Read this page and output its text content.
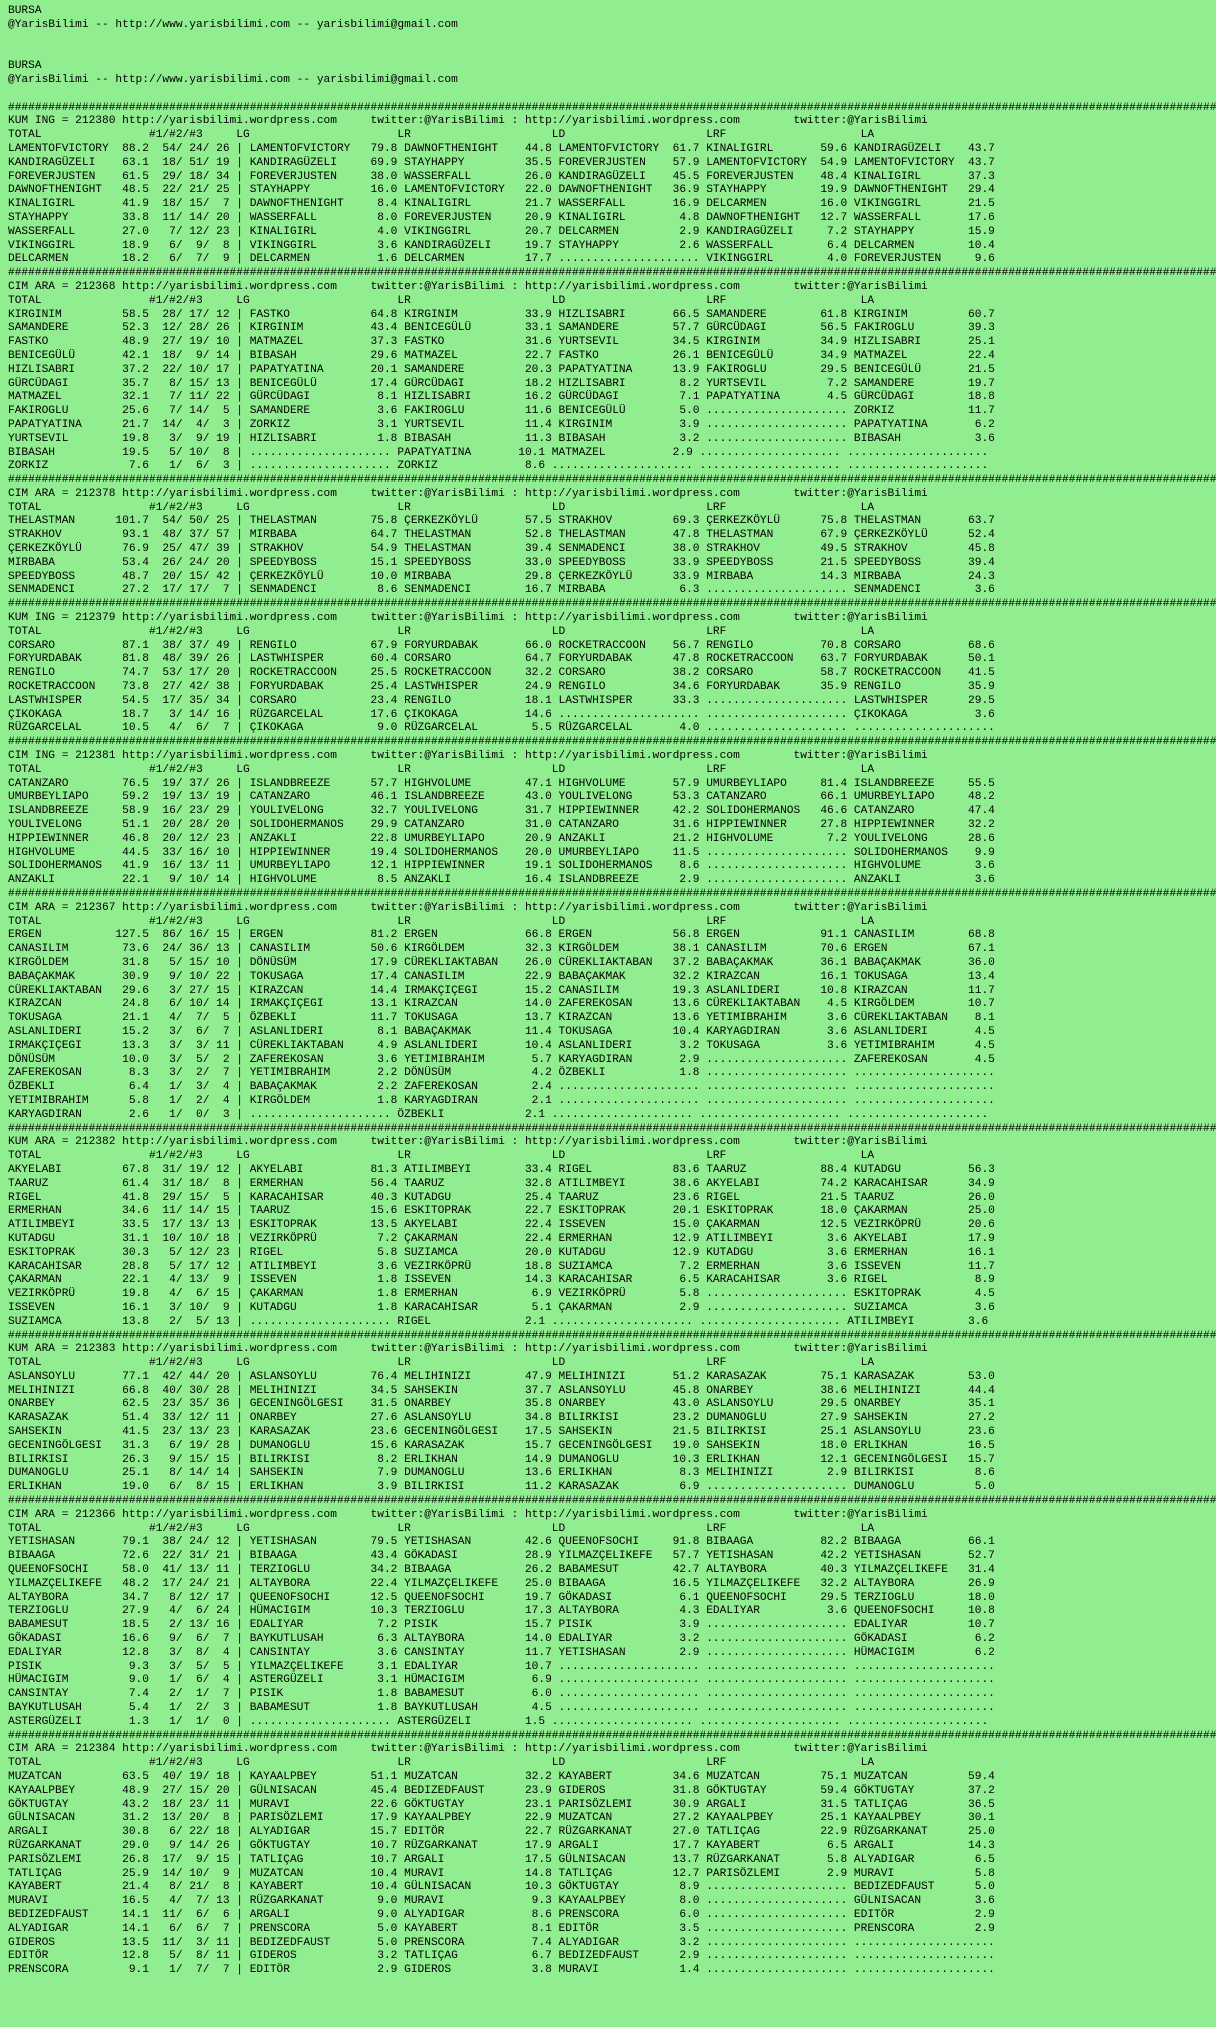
BURSA
@YarisBilimi -- http://www.yarisbilimi.com -- yarisbilimi@gmail.com
BURSA
@YarisBilimi -- http://www.yarisbilimi.com -- yarisbilimi@gmail.com
####################################################################################################################################################################################
KUM ING = 212380 http://yarisbilimi.wordpress.com     twitter:@YarisBilimi : http://yarisbilimi.wordpress.com        twitter:@YarisBilimi
TOTAL                #1/#2/#3     LG                      LR                     LD                     LRF                    LA
LAMENTOFVICTORY  88.2  54/ 24/ 26 | LAMENTOFVICTORY   79.8 DAWNOFTHENIGHT    44.8 LAMENTOFVICTORY  61.7 KINALIGIRL       59.6 KANDIRAGÜZELI    43.7
KANDIRAGÜZELI    63.1  18/ 51/ 19 | KANDIRAGÜZELI     69.9 STAYHAPPY         35.5 FOREVERJUSTEN    57.9 LAMENTOFVICTORY  54.9 LAMENTOFVICTORY  43.7
FOREVERJUSTEN    61.5  29/ 18/ 34 | FOREVERJUSTEN     38.0 WASSERFALL        26.0 KANDIRAGÜZELI    45.5 FOREVERJUSTEN    48.4 KINALIGIRL       37.3
DAWNOFTHENIGHT   48.5  22/ 21/ 25 | STAYHAPPY         16.0 LAMENTOFVICTORY   22.0 DAWNOFTHENIGHT   36.9 STAYHAPPY        19.9 DAWNOFTHENIGHT   29.4
KINALIGIRL       41.9  18/ 15/  7 | DAWNOFTHENIGHT     8.4 KINALIGIRL        21.7 WASSERFALL       16.9 DELCARMEN        16.0 VIKINGGIRL       21.5
STAYHAPPY        33.8  11/ 14/ 20 | WASSERFALL         8.0 FOREVERJUSTEN     20.9 KINALIGIRL        4.8 DAWNOFTHENIGHT   12.7 WASSERFALL       17.6
WASSERFALL       27.0   7/ 12/ 23 | KINALIGIRL         4.0 VIKINGGIRL        20.7 DELCARMEN         2.9 KANDIRAGÜZELI     7.2 STAYHAPPY        15.9
VIKINGGIRL       18.9   6/  9/  8 | VIKINGGIRL         3.6 KANDIRAGÜZELI     19.7 STAYHAPPY         2.6 WASSERFALL        6.4 DELCARMEN        10.4
DELCARMEN        18.2   6/  7/  9 | DELCARMEN          1.6 DELCARMEN         17.7 ..................... VIKINGGIRL        4.0 FOREVERJUSTEN     9.6
####################################################################################################################################################################################
CIM ARA = 212368 http://yarisbilimi.wordpress.com     twitter:@YarisBilimi : http://yarisbilimi.wordpress.com        twitter:@YarisBilimi
TOTAL                #1/#2/#3     LG                      LR                     LD                     LRF                    LA
KIRGINIM         58.5  28/ 17/ 12 | FASTKO            64.8 KIRGINIM          33.9 HIZLISABRI       66.5 SAMANDERE        61.8 KIRGINIM         60.7
SAMANDERE        52.3  12/ 28/ 26 | KIRGINIM          43.4 BENICEGÜLÜ        33.1 SAMANDERE        57.7 GÜRCÜDAGI        56.5 FAKIROGLU        39.3
FASTKO           48.9  27/ 19/ 10 | MATMAZEL          37.3 FASTKO            31.6 YURTSEVIL        34.5 KIRGINIM         34.9 HIZLISABRI       25.1
BENICEGÜLÜ       42.1  18/  9/ 14 | BIBASAH           29.6 MATMAZEL          22.7 FASTKO           26.1 BENICEGÜLÜ       34.9 MATMAZEL         22.4
HIZLISABRI       37.2  22/ 10/ 17 | PAPATYATINA       20.1 SAMANDERE         20.3 PAPATYATINA      13.9 FAKIROGLU        29.5 BENICEGÜLÜ       21.5
GÜRCÜDAGI        35.7   8/ 15/ 13 | BENICEGÜLÜ        17.4 GÜRCÜDAGI         18.2 HIZLISABRI        8.2 YURTSEVIL         7.2 SAMANDERE        19.7
MATMAZEL         32.1   7/ 11/ 22 | GÜRCÜDAGI          8.1 HIZLISABRI        16.2 GÜRCÜDAGI         7.1 PAPATYATINA       4.5 GÜRCÜDAGI        18.8
FAKIROGLU        25.6   7/ 14/  5 | SAMANDERE          3.6 FAKIROGLU         11.6 BENICEGÜLÜ        5.0 ..................... ZORKIZ           11.7
PAPATYATINA      21.7  14/  4/  3 | ZORKIZ             3.1 YURTSEVIL         11.4 KIRGINIM          3.9 ..................... PAPATYATINA       6.2
YURTSEVIL        19.8   3/  9/ 19 | HIZLISABRI         1.8 BIBASAH           11.3 BIBASAH           3.2 ..................... BIBASAH           3.6
BIBASAH          19.5   5/ 10/  8 | ..................... PAPATYATINA       10.1 MATMAZEL          2.9 ..................... .....................
ZORKIZ            7.6   1/  6/  3 | ..................... ZORKIZ             8.6 ..................... ..................... .....................
####################################################################################################################################################################################
CIM ARA = 212378 http://yarisbilimi.wordpress.com     twitter:@YarisBilimi : http://yarisbilimi.wordpress.com        twitter:@YarisBilimi
TOTAL                #1/#2/#3     LG                      LR                     LD                     LRF                    LA
THELASTMAN      101.7  54/ 50/ 25 | THELASTMAN        75.8 ÇERKEZKÖYLÜ       57.5 STRAKHOV         69.3 ÇERKEZKÖYLÜ      75.8 THELASTMAN       63.7
STRAKHOV         93.1  48/ 37/ 57 | MIRBABA           64.7 THELASTMAN        52.8 THELASTMAN       47.8 THELASTMAN       67.9 ÇERKEZKÖYLÜ      52.4
ÇERKEZKÖYLÜ      76.9  25/ 47/ 39 | STRAKHOV          54.9 THELASTMAN        39.4 SENMADENCI       38.0 STRAKHOV         49.5 STRAKHOV         45.8
MIRBABA          53.4  26/ 24/ 20 | SPEEDYBOSS        15.1 SPEEDYBOSS        33.0 SPEEDYBOSS       33.9 SPEEDYBOSS       21.5 SPEEDYBOSS       39.4
SPEEDYBOSS       48.7  20/ 15/ 42 | ÇERKEZKÖYLÜ       10.0 MIRBABA           29.8 ÇERKEZKÖYLÜ      33.9 MIRBABA          14.3 MIRBABA          24.3
SENMADENCI       27.2  17/ 17/  7 | SENMADENCI         8.6 SENMADENCI        16.7 MIRBABA           6.3 ..................... SENMADENCI        3.6
####################################################################################################################################################################################
KUM ING = 212379 http://yarisbilimi.wordpress.com     twitter:@YarisBilimi : http://yarisbilimi.wordpress.com        twitter:@YarisBilimi
TOTAL                #1/#2/#3     LG                      LR                     LD                     LRF                    LA
CORSARO          87.1  38/ 37/ 49 | RENGILO           67.9 FORYURDABAK       66.0 ROCKETRACCOON    56.7 RENGILO          70.8 CORSARO          68.6
FORYURDABAK      81.8  48/ 39/ 26 | LASTWHISPER       60.4 CORSARO           64.7 FORYURDABAK      47.8 ROCKETRACCOON    63.7 FORYURDABAK      50.1
RENGILO          74.7  53/ 17/ 20 | ROCKETRACCOON     25.5 ROCKETRACCOON     32.2 CORSARO          38.2 CORSARO          58.7 ROCKETRACCOON    41.5
ROCKETRACCOON    73.8  27/ 42/ 38 | FORYURDABAK       25.4 LASTWHISPER       24.9 RENGILO          34.6 FORYURDABAK      35.9 RENGILO          35.9
LASTWHISPER      54.5  17/ 35/ 34 | CORSARO           23.4 RENGILO           18.1 LASTWHISPER      33.3 ..................... LASTWHISPER      29.5
ÇIKOKAGA         18.7   3/ 14/ 16 | RÜZGARCELAL       17.6 ÇIKOKAGA          14.6 ..................... ..................... ÇIKOKAGA          3.6
RÜZGARCELAL      10.5   4/  6/  7 | ÇIKOKAGA           9.0 RÜZGARCELAL        5.5 RÜZGARCELAL       4.0 ..................... .....................
####################################################################################################################################################################################
CIM ING = 212381 http://yarisbilimi.wordpress.com     twitter:@YarisBilimi : http://yarisbilimi.wordpress.com        twitter:@YarisBilimi
TOTAL                #1/#2/#3     LG                      LR                     LD                     LRF                    LA
CATANZARO        76.5  19/ 37/ 26 | ISLANDBREEZE      57.7 HIGHVOLUME        47.1 HIGHVOLUME       57.9 UMURBEYLIAPO     81.4 ISLANDBREEZE     55.5
UMURBEYLIAPO     59.2  19/ 13/ 19 | CATANZARO         46.1 ISLANDBREEZE      43.0 YOULIVELONG      53.3 CATANZARO        66.1 UMURBEYLIAPO     48.2
ISLANDBREEZE     58.9  16/ 23/ 29 | YOULIVELONG       32.7 YOULIVELONG       31.7 HIPPIEWINNER     42.2 SOLIDOHERMANOS   46.6 CATANZARO        47.4
YOULIVELONG      51.1  20/ 28/ 20 | SOLIDOHERMANOS    29.9 CATANZARO         31.0 CATANZARO        31.6 HIPPIEWINNER     27.8 HIPPIEWINNER     32.2
HIPPIEWINNER     46.8  20/ 12/ 23 | ANZAKLI           22.8 UMURBEYLIAPO      20.9 ANZAKLI          21.2 HIGHVOLUME        7.2 YOULIVELONG      28.6
HIGHVOLUME       44.5  33/ 16/ 10 | HIPPIEWINNER      19.4 SOLIDOHERMANOS    20.0 UMURBEYLIAPO     11.5 ..................... SOLIDOHERMANOS    9.9
SOLIDOHERMANOS   41.9  16/ 13/ 11 | UMURBEYLIAPO      12.1 HIPPIEWINNER      19.1 SOLIDOHERMANOS    8.6 ..................... HIGHVOLUME        3.6
ANZAKLI          22.1   9/ 10/ 14 | HIGHVOLUME         8.5 ANZAKLI           16.4 ISLANDBREEZE      2.9 ..................... ANZAKLI           3.6
####################################################################################################################################################################################
CIM ARA = 212367 http://yarisbilimi.wordpress.com     twitter:@YarisBilimi : http://yarisbilimi.wordpress.com        twitter:@YarisBilimi
TOTAL                #1/#2/#3     LG                      LR                     LD                     LRF                    LA
ERGEN           127.5  86/ 16/ 15 | ERGEN             81.2 ERGEN             66.8 ERGEN            56.8 ERGEN            91.1 CANASILIM        68.8
CANASILIM        73.6  24/ 36/ 13 | CANASILIM         50.6 KIRGÖLDEM         32.3 KIRGÖLDEM        38.1 CANASILIM        70.6 ERGEN            67.1
KIRGÖLDEM        31.8   5/ 15/ 10 | DÖNÜSÜM           17.9 CÜREKLIAKTABAN    26.0 CÜREKLIAKTABAN   37.2 BABAÇAKMAK       36.1 BABAÇAKMAK       36.0
BABAÇAKMAK       30.9   9/ 10/ 22 | TOKUSAGA          17.4 CANASILIM         22.9 BABAÇAKMAK       32.2 KIRAZCAN         16.1 TOKUSAGA         13.4
CÜREKLIAKTABAN   29.6   3/ 27/ 15 | KIRAZCAN          14.4 IRMAKÇIÇEGI       15.2 CANASILIM        19.3 ASLANLIDERI      10.8 KIRAZCAN         11.7
KIRAZCAN         24.8   6/ 10/ 14 | IRMAKÇIÇEGI       13.1 KIRAZCAN          14.0 ZAFEREKOSAN      13.6 CÜREKLIAKTABAN    4.5 KIRGÖLDEM        10.7
TOKUSAGA         21.1   4/  7/  5 | ÖZBEKLI           11.7 TOKUSAGA          13.7 KIRAZCAN         13.6 YETIMIBRAHIM      3.6 CÜREKLIAKTABAN    8.1
ASLANLIDERI      15.2   3/  6/  7 | ASLANLIDERI        8.1 BABAÇAKMAK        11.4 TOKUSAGA         10.4 KARYAGDIRAN       3.6 ASLANLIDERI       4.5
IRMAKÇIÇEGI      13.3   3/  3/ 11 | CÜREKLIAKTABAN     4.9 ASLANLIDERI       10.4 ASLANLIDERI       3.2 TOKUSAGA          3.6 YETIMIBRAHIM      4.5
DÖNÜSÜM          10.0   3/  5/  2 | ZAFEREKOSAN        3.6 YETIMIBRAHIM       5.7 KARYAGDIRAN       2.9 ..................... ZAFEREKOSAN       4.5
ZAFEREKOSAN       8.3   3/  2/  7 | YETIMIBRAHIM       2.2 DÖNÜSÜM            4.2 ÖZBEKLI           1.8 ..................... .....................
ÖZBEKLI           6.4   1/  3/  4 | BABAÇAKMAK         2.2 ZAFEREKOSAN        2.4 ..................... ..................... .....................
YETIMIBRAHIM      5.8   1/  2/  4 | KIRGÖLDEM          1.8 KARYAGDIRAN        2.1 ..................... ..................... .....................
KARYAGDIRAN       2.6   1/  0/  3 | ..................... ÖZBEKLI            2.1 ..................... ..................... .....................
####################################################################################################################################################################################
KUM ARA = 212382 http://yarisbilimi.wordpress.com     twitter:@YarisBilimi : http://yarisbilimi.wordpress.com        twitter:@YarisBilimi
TOTAL                #1/#2/#3     LG                      LR                     LD                     LRF                    LA
AKYELABI         67.8  31/ 19/ 12 | AKYELABI          81.3 ATILIMBEYI        33.4 RIGEL            83.6 TAARUZ           88.4 KUTADGU          56.3
TAARUZ           61.4  31/ 18/  8 | ERMERHAN          56.4 TAARUZ            32.8 ATILIMBEYI       38.6 AKYELABI         74.2 KARACAHISAR      34.9
RIGEL            41.8  29/ 15/  5 | KARACAHISAR       40.3 KUTADGU           25.4 TAARUZ           23.6 RIGEL            21.5 TAARUZ           26.0
ERMERHAN         34.6  11/ 14/ 15 | TAARUZ            15.6 ESKITOPRAK        22.7 ESKITOPRAK       20.1 ESKITOPRAK       18.0 ÇAKARMAN         25.0
ATILIMBEYI       33.5  17/ 13/ 13 | ESKITOPRAK        13.5 AKYELABI          22.4 ISSEVEN          15.0 ÇAKARMAN         12.5 VEZIRKÖPRÜ       20.6
KUTADGU          31.1  10/ 10/ 18 | VEZIRKÖPRÜ         7.2 ÇAKARMAN          22.4 ERMERHAN         12.9 ATILIMBEYI        3.6 AKYELABI         17.9
ESKITOPRAK       30.3   5/ 12/ 23 | RIGEL              5.8 SUZIAMCA          20.0 KUTADGU          12.9 KUTADGU           3.6 ERMERHAN         16.1
KARACAHISAR      28.8   5/ 17/ 12 | ATILIMBEYI         3.6 VEZIRKÖPRÜ        18.8 SUZIAMCA          7.2 ERMERHAN          3.6 ISSEVEN          11.7
ÇAKARMAN         22.1   4/ 13/  9 | ISSEVEN            1.8 ISSEVEN           14.3 KARACAHISAR       6.5 KARACAHISAR       3.6 RIGEL             8.9
VEZIRKÖPRÜ       19.8   4/  6/ 15 | ÇAKARMAN           1.8 ERMERHAN           6.9 VEZIRKÖPRÜ        5.8 ..................... ESKITOPRAK        4.5
ISSEVEN          16.1   3/ 10/  9 | KUTADGU            1.8 KARACAHISAR        5.1 ÇAKARMAN          2.9 ..................... SUZIAMCA          3.6
SUZIAMCA         13.8   2/  5/ 13 | ..................... RIGEL              2.1 ..................... ..................... ATILIMBEYI        3.6
####################################################################################################################################################################################
KUM ARA = 212383 http://yarisbilimi.wordpress.com     twitter:@YarisBilimi : http://yarisbilimi.wordpress.com        twitter:@YarisBilimi
TOTAL                #1/#2/#3     LG                      LR                     LD                     LRF                    LA
ASLANSOYLU       77.1  42/ 44/ 20 | ASLANSOYLU        76.4 MELIHINIZI        47.9 MELIHINIZI       51.2 KARASAZAK        75.1 KARASAZAK        53.0
MELIHINIZI       66.8  40/ 30/ 28 | MELIHINIZI        34.5 SAHSEKIN          37.7 ASLANSOYLU       45.8 ONARBEY          38.6 MELIHINIZI       44.4
ONARBEY          62.5  23/ 35/ 36 | GECENINGÖLGESI    31.5 ONARBEY           35.8 ONARBEY          43.0 ASLANSOYLU       29.5 ONARBEY          35.1
KARASAZAK        51.4  33/ 12/ 11 | ONARBEY           27.6 ASLANSOYLU        34.8 BILIRKISI        23.2 DUMANOGLU        27.9 SAHSEKIN         27.2
SAHSEKIN         41.5  23/ 13/ 23 | KARASAZAK         23.6 GECENINGÖLGESI    17.5 SAHSEKIN         21.5 BILIRKISI        25.1 ASLANSOYLU       23.6
GECENINGÖLGESI   31.3   6/ 19/ 28 | DUMANOGLU         15.6 KARASAZAK         15.7 GECENINGÖLGESI   19.0 SAHSEKIN         18.0 ERLIKHAN         16.5
BILIRKISI        26.3   9/ 15/ 15 | BILIRKISI          8.2 ERLIKHAN          14.9 DUMANOGLU        10.3 ERLIKHAN         12.1 GECENINGÖLGESI   15.7
DUMANOGLU        25.1   8/ 14/ 14 | SAHSEKIN           7.9 DUMANOGLU         13.6 ERLIKHAN          8.3 MELIHINIZI        2.9 BILIRKISI         8.6
ERLIKHAN         19.0   6/  8/ 15 | ERLIKHAN           3.9 BILIRKISI         11.2 KARASAZAK         6.9 ..................... DUMANOGLU         5.0
####################################################################################################################################################################################
CIM ARA = 212366 http://yarisbilimi.wordpress.com     twitter:@YarisBilimi : http://yarisbilimi.wordpress.com        twitter:@YarisBilimi
TOTAL                #1/#2/#3     LG                      LR                     LD                     LRF                    LA
YETISHASAN       79.1  38/ 24/ 12 | YETISHASAN        79.5 YETISHASAN        42.6 QUEENOFSOCHI     91.8 BIBAAGA          82.2 BIBAAGA          66.1
BIBAAGA          72.6  22/ 31/ 21 | BIBAAGA           43.4 GÖKADASI          28.9 YILMAZÇELIKEFE   57.7 YETISHASAN       42.2 YETISHASAN       52.7
QUEENOFSOCHI     58.0  41/ 13/ 11 | TERZIOGLU         34.2 BIBAAGA           26.2 BABAMESUT        42.7 ALTAYBORA        40.3 YILMAZÇELIKEFE   31.4
YILMAZÇELIKEFE   48.2  17/ 24/ 21 | ALTAYBORA         22.4 YILMAZÇELIKEFE    25.0 BIBAAGA          16.5 YILMAZÇELIKEFE   32.2 ALTAYBORA        26.9
ALTAYBORA        34.7   8/ 12/ 17 | QUEENOFSOCHI      12.5 QUEENOFSOCHI      19.7 GÖKADASI          6.1 QUEENOFSOCHI     29.5 TERZIOGLU        18.0
TERZIOGLU        27.9   4/  6/ 24 | HÜMACIGIM         10.3 TERZIOGLU         17.3 ALTAYBORA         4.3 EDALIYAR          3.6 QUEENOFSOCHI     10.8
BABAMESUT        18.5   2/ 13/ 16 | EDALIYAR           7.2 PISIK             15.7 PISIK             3.9 ..................... EDALIYAR         10.7
GÖKADASI         16.6   9/  6/  7 | BAYKUTLUSAH        6.3 ALTAYBORA         14.0 EDALIYAR          3.2 ..................... GÖKADASI          6.2
EDALIYAR         12.8   3/  8/  4 | CANSINTAY          3.6 CANSINTAY         11.7 YETISHASAN        2.9 ..................... HÜMACIGIM         6.2
PISIK             9.3   3/  5/  5 | YILMAZÇELIKEFE     3.1 EDALIYAR          10.7 ..................... ..................... .....................
HÜMACIGIM         9.0   1/  6/  4 | ASTERGÜZELI        3.1 HÜMACIGIM          6.9 ..................... ..................... .....................
CANSINTAY         7.4   2/  1/  7 | PISIK              1.8 BABAMESUT          6.0 ..................... ..................... .....................
BAYKUTLUSAH       5.4   1/  2/  3 | BABAMESUT          1.8 BAYKUTLUSAH        4.5 ..................... ..................... .....................
ASTERGÜZELI       1.3   1/  1/  0 | ..................... ASTERGÜZELI        1.5 ..................... ..................... .....................
####################################################################################################################################################################################
CIM ARA = 212384 http://yarisbilimi.wordpress.com     twitter:@YarisBilimi : http://yarisbilimi.wordpress.com        twitter:@YarisBilimi
TOTAL                #1/#2/#3     LG                      LR                     LD                     LRF                    LA
MUZATCAN         63.5  40/ 19/ 18 | KAYAALPBEY        51.1 MUZATCAN          32.2 KAYABERT         34.6 MUZATCAN         75.1 MUZATCAN         59.4
KAYAALPBEY       48.9  27/ 15/ 20 | GÜLNISACAN        45.4 BEDIZEDFAUST      23.9 GIDEROS          31.8 GÖKTUGTAY        59.4 GÖKTUGTAY        37.2
GÖKTUGTAY        43.2  18/ 23/ 11 | MURAVI            22.6 GÖKTUGTAY         23.1 PARISÖZLEMI      30.9 ARGALI           31.5 TATLIÇAG         36.5
GÜLNISACAN       31.2  13/ 20/  8 | PARISÖZLEMI       17.9 KAYAALPBEY        22.9 MUZATCAN         27.2 KAYAALPBEY       25.1 KAYAALPBEY       30.1
ARGALI           30.8   6/ 22/ 18 | ALYADIGAR         15.7 EDITÖR            22.7 RÜZGARKANAT      27.0 TATLIÇAG         22.9 RÜZGARKANAT      25.0
RÜZGARKANAT      29.0   9/ 14/ 26 | GÖKTUGTAY         10.7 RÜZGARKANAT       17.9 ARGALI           17.7 KAYABERT          6.5 ARGALI           14.3
PARISÖZLEMI      26.8  17/  9/ 15 | TATLIÇAG          10.7 ARGALI            17.5 GÜLNISACAN       13.7 RÜZGARKANAT       5.8 ALYADIGAR         6.5
TATLIÇAG         25.9  14/ 10/  9 | MUZATCAN          10.4 MURAVI            14.8 TATLIÇAG         12.7 PARISÖZLEMI       2.9 MURAVI            5.8
KAYABERT         21.4   8/ 21/  8 | KAYABERT          10.4 GÜLNISACAN        10.3 GÖKTUGTAY         8.9 ..................... BEDIZEDFAUST      5.0
MURAVI           16.5   4/  7/ 13 | RÜZGARKANAT        9.0 MURAVI             9.3 KAYAALPBEY        8.0 ..................... GÜLNISACAN        3.6
BEDIZEDFAUST     14.1  11/  6/  6 | ARGALI             9.0 ALYADIGAR          8.6 PRENSCORA         6.0 ..................... EDITÖR            2.9
ALYADIGAR        14.1   6/  6/  7 | PRENSCORA          5.0 KAYABERT           8.1 EDITÖR            3.5 ..................... PRENSCORA         2.9
GIDEROS          13.5  11/  3/ 11 | BEDIZEDFAUST       5.0 PRENSCORA          7.4 ALYADIGAR         3.2 ..................... .....................
EDITÖR           12.8   5/  8/ 11 | GIDEROS            3.2 TATLIÇAG           6.7 BEDIZEDFAUST      2.9 ..................... .....................
PRENSCORA         9.1   1/  7/  7 | EDITÖR             2.9 GIDEROS            3.8 MURAVI            1.4 ..................... .....................
